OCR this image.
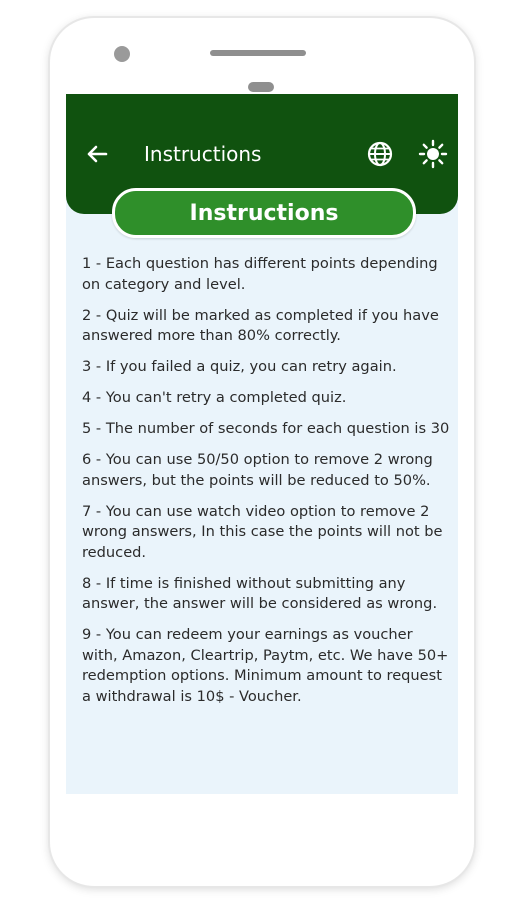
Instructions
Instructions
1 - Each question has different points depending on category and level.
2 - Quiz will be marked as completed if you have answered more than 80% correctly.
3 - If you failed a quiz, you can retry again.
4 - You can't retry a completed quiz.
5 - The number of seconds for each question is 30
6 - You can use 50/50 option to remove 2 wrong answers, but the points will be reduced to 50%.
7 - You can use watch video option to remove 2 wrong answers, In this case the points will not be reduced.
8 - If time is finished without submitting any answer, the answer will be considered as wrong.
9 - You can redeem your earnings as voucher with, Amazon, Cleartrip, Paytm, etc. We have 50+ redemption options. Minimum amount to request a withdrawal is 10$ - Voucher.
